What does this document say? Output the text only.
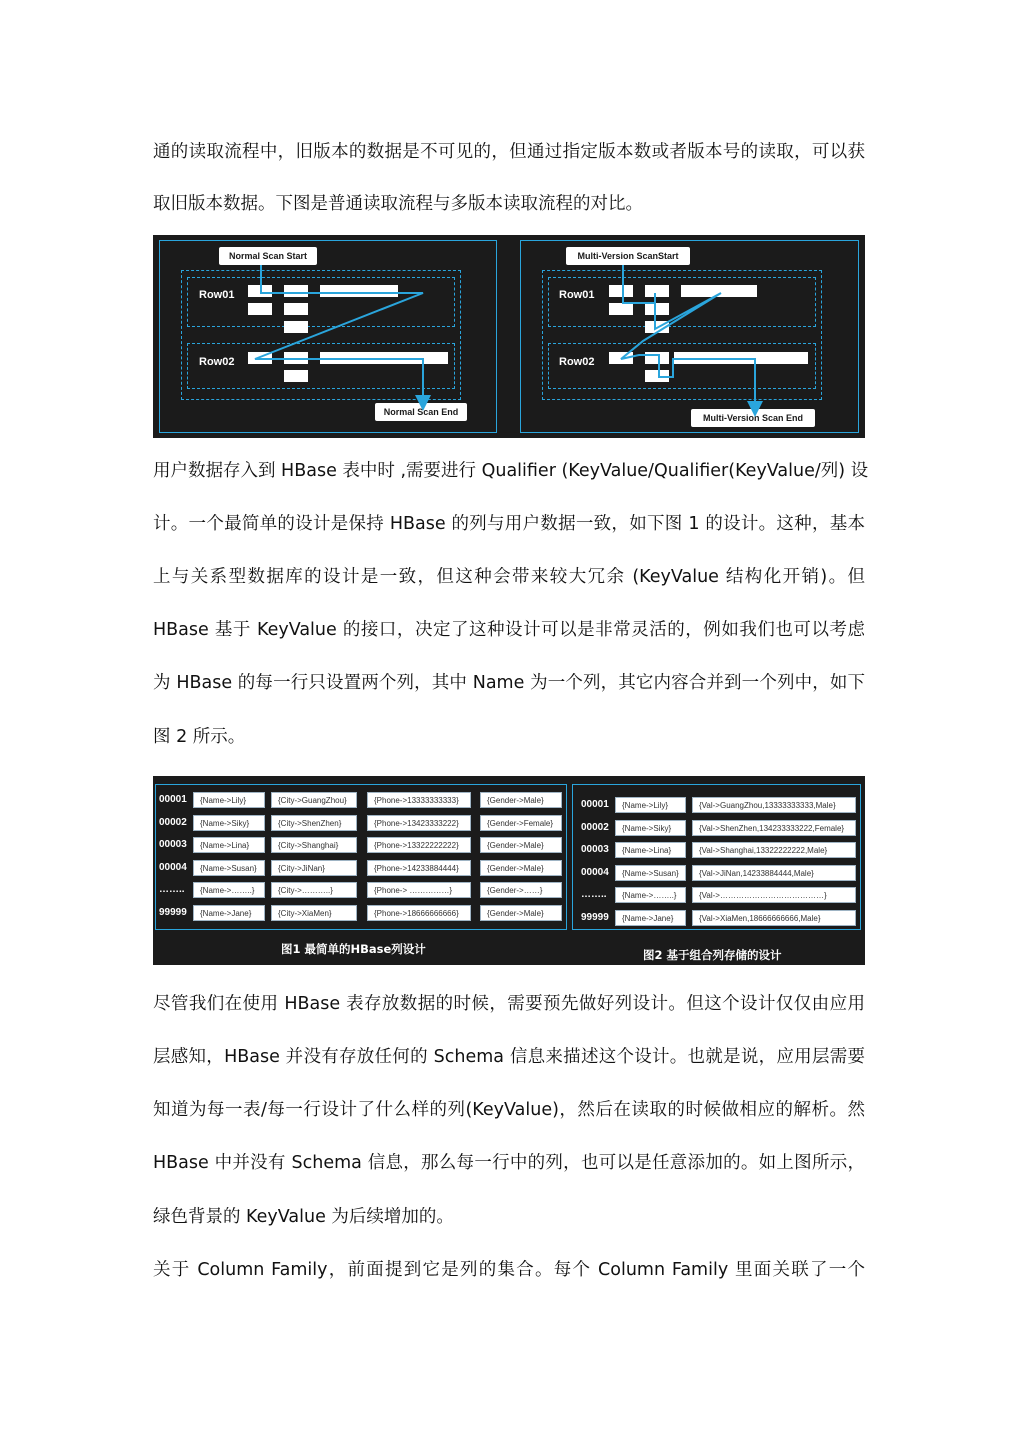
通的读取流程中，旧版本的数据是不可见的，但通过指定版本数或者版本号的读取，可以获
取旧版本数据。下图是普通读取流程与多版本读取流程的对比。
Normal Scan Start
Normal Scan End
Row01
Row02
Multi-Version ScanStart
Multi-Version Scan End
Row01
Row02
用户数据存入到 HBase 表中时 ,需要进行 Qualifier (KeyValue/Qualifier(KeyValue/列) 设
计。一个最简单的设计是保持 HBase 的列与用户数据一致，如下图 1 的设计。这种，基本
上与关系型数据库的设计是一致，但这种会带来较大冗余 (KeyValue 结构化开销)。但
HBase 基于 KeyValue 的接口，决定了这种设计可以是非常灵活的，例如我们也可以考虑
为 HBase 的每一行只设置两个列，其中 Name 为一个列，其它内容合并到一个列中，如下
图 2 所示。
图1 最简单的HBase列设计	图2 基于组合列存储的设计
00001	{Name->Lily}	{City->GuangZhou}	{Phone->13333333333}	{Gender->Male}
00002	{Name->Siky}	{City->ShenZhen}	{Phone->13423333222}	{Gender->Female}
00003	{Name->Lina}	{City->Shanghai}	{Phone->13322222222}	{Gender->Male}
00004	{Name->Susan}	{City->JiNan}	{Phone->14233884444}	{Gender->Male}
……..	{Name->……..}	{City->………..}	{Phone-> ……………}	{Gender->……}
99999	{Name->Jane}	{City->XiaMen}	{Phone->18666666666}	{Gender->Male}
00001	{Name->Lily}	{Val->GuangZhou,13333333333,Male}
00002	{Name->Siky}	{Val->ShenZhen,134233333222,Female}
00003	{Name->Lina}	{Val->Shanghai,13322222222,Male}
00004	{Name->Susan}	{Val->JiNan,14233884444,Male}
……..	{Name->……..}	{Val->…………………………………}
99999	{Name->Jane}	{Val->XiaMen,18666666666,Male}
尽管我们在使用 HBase 表存放数据的时候，需要预先做好列设计。但这个设计仅仅由应用
层感知，HBase 并没有存放任何的 Schema 信息来描述这个设计。也就是说，应用层需要
知道为每一表/每一行设计了什么样的列(KeyValue)，然后在读取的时候做相应的解析。然
HBase 中并没有 Schema 信息，那么每一行中的列，也可以是任意添加的。如上图所示，
绿色背景的 KeyValue 为后续增加的。
关于 Column Family，前面提到它是列的集合。每个 Column Family 里面关联了一个
